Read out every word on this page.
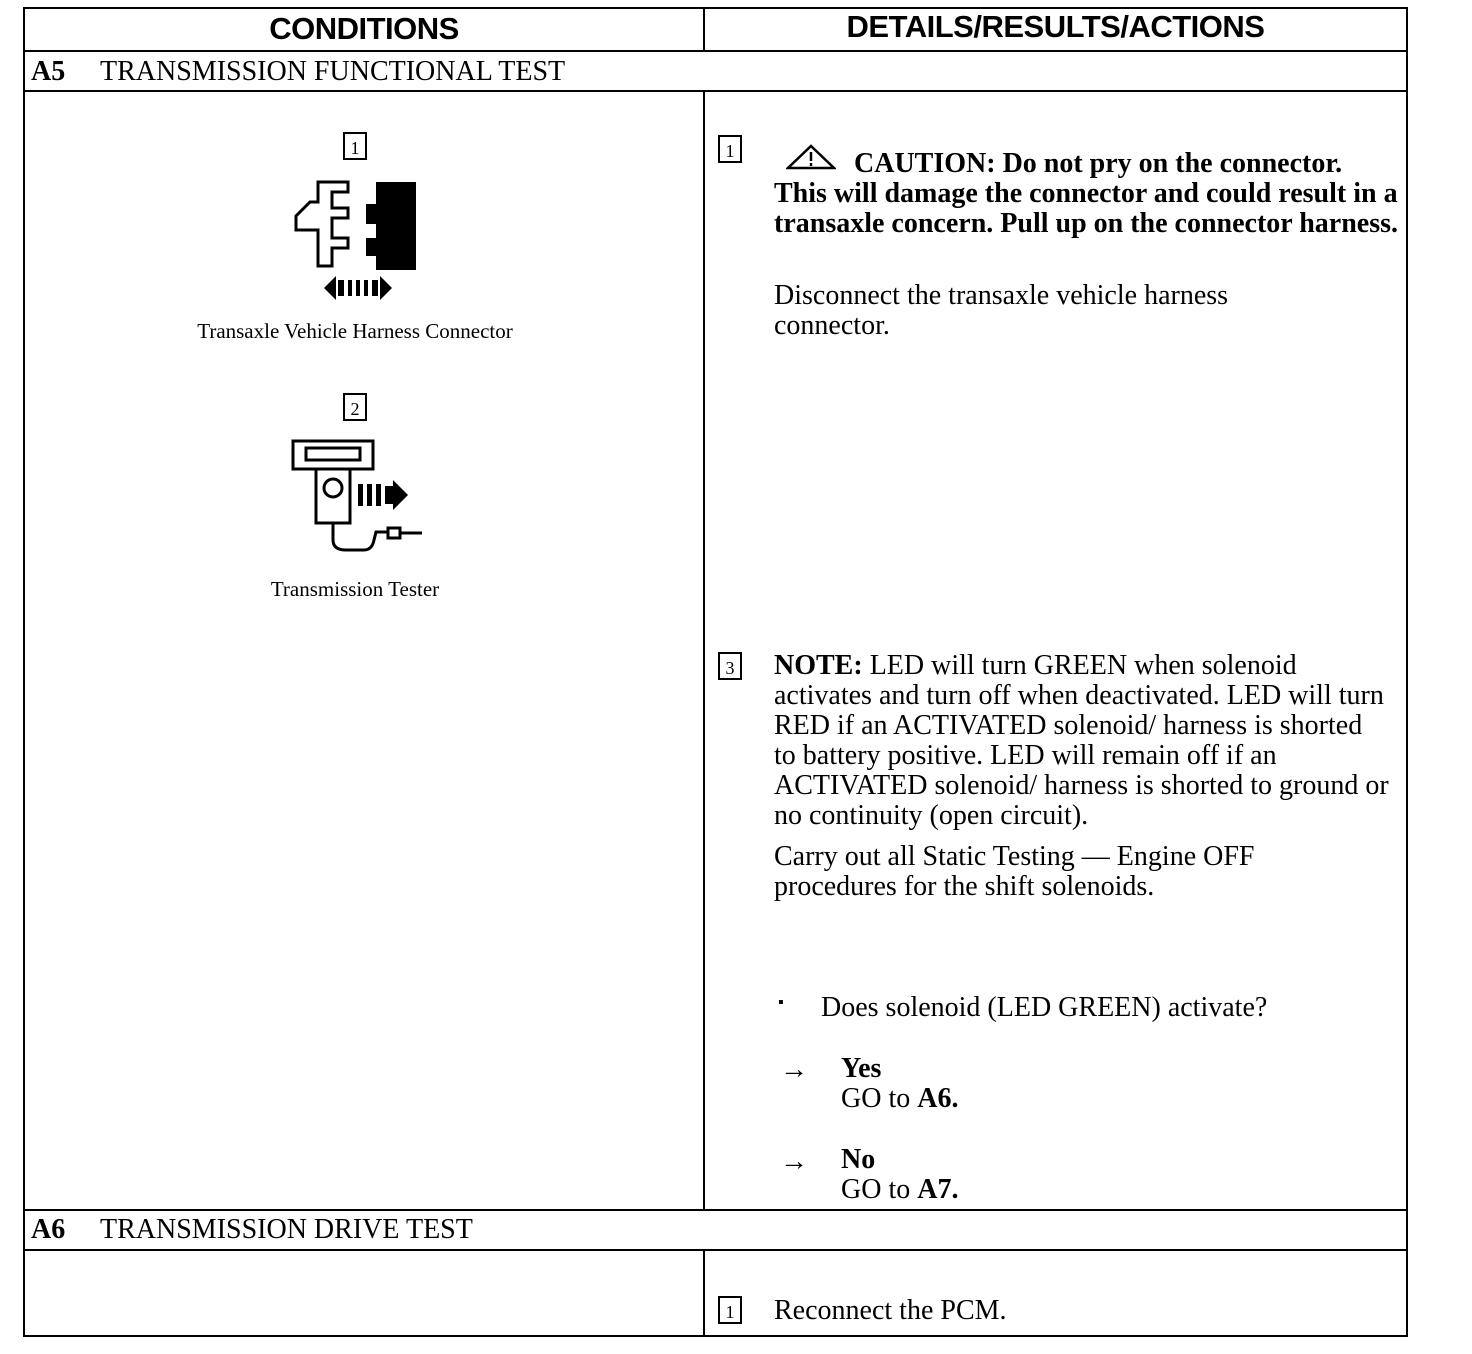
CONDITIONS	DETAILS/RESULTS/ACTIONS
A5 TRANSMISSION FUNCTIONAL TEST
1
Transaxle Vehicle Harness Connector
2
Transmission Tester
1	CAUTION: Do not pry on the connector.
This will damage the connector and could result in a transaxle concern. Pull up on the connector harness.
Disconnect the transaxle vehicle harness connector.
3 NOTE: LED will turn GREEN when solenoid activates and turn off when deactivated. LED will turn RED if an ACTIVATED solenoid/ harness is shorted to battery positive. LED will remain off if an ACTIVATED solenoid/ harness is shorted to ground or no continuity (open circuit).

Carry out all Static Testing — Engine OFF procedures for the shift solenoids.

▪ Does solenoid (LED GREEN) activate?
→ Yes
GO to A6.
→ No
GO to A7.
A6 TRANSMISSION DRIVE TEST
1 Reconnect the PCM.
